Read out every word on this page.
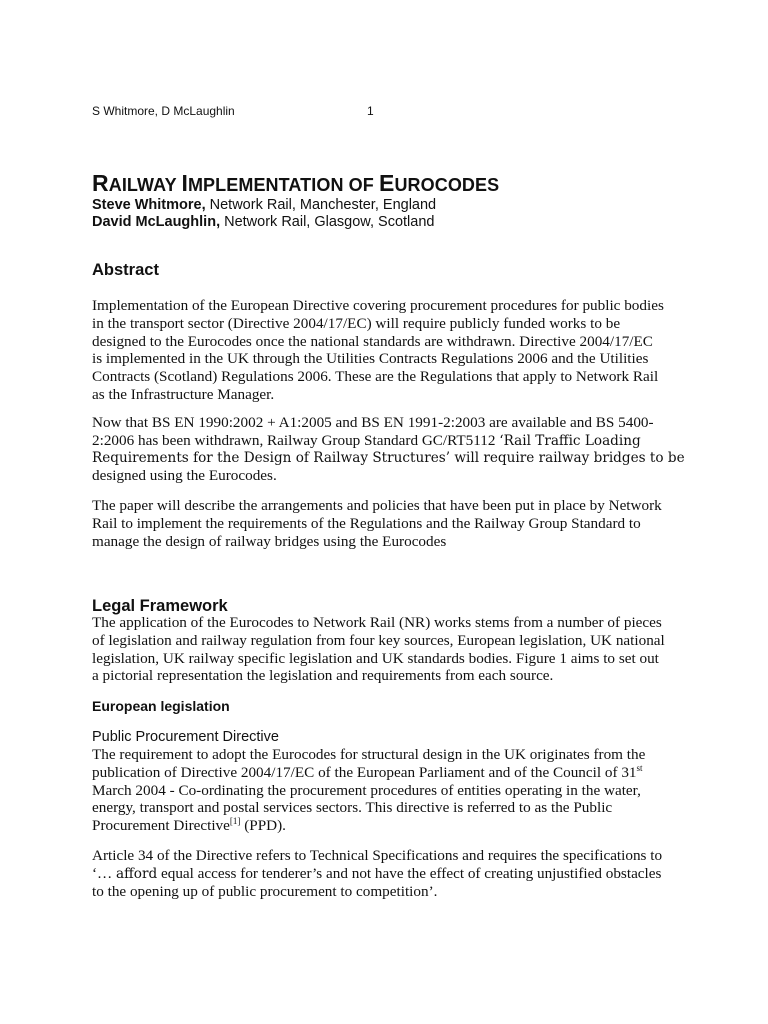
S Whitmore, D McLaughlin	1
RAILWAY IMPLEMENTATION OF EUROCODES
Steve Whitmore, Network Rail, Manchester, England
David McLaughlin, Network Rail, Glasgow, Scotland
Abstract
Implementation of the European Directive covering procurement procedures for public bodies
in the transport sector (Directive 2004/17/EC) will require publicly funded works to be
designed to the Eurocodes once the national standards are withdrawn. Directive 2004/17/EC
is implemented in the UK through the Utilities Contracts Regulations 2006 and the Utilities
Contracts (Scotland) Regulations 2006. These are the Regulations that apply to Network Rail
as the Infrastructure Manager.
Now that BS EN 1990:2002 + A1:2005 and BS EN 1991-2:2003 are available and BS 5400-
2:2006 has been withdrawn, Railway Group Standard GC/RT5112 ‘Rail Traffic Loading
Requirements for the Design of Railway Structures’ will require railway bridges to be
designed using the Eurocodes.
The paper will describe the arrangements and policies that have been put in place by Network
Rail to implement the requirements of the Regulations and the Railway Group Standard to
manage the design of railway bridges using the Eurocodes
Legal Framework
The application of the Eurocodes to Network Rail (NR) works stems from a number of pieces
of legislation and railway regulation from four key sources, European legislation, UK national
legislation, UK railway specific legislation and UK standards bodies. Figure 1 aims to set out
a pictorial representation the legislation and requirements from each source.
European legislation
Public Procurement Directive
The requirement to adopt the Eurocodes for structural design in the UK originates from the
publication of Directive 2004/17/EC of the European Parliament and of the Council of 31st
March 2004 - Co-ordinating the procurement procedures of entities operating in the water,
energy, transport and postal services sectors. This directive is referred to as the Public
Procurement Directive[1] (PPD).
Article 34 of the Directive refers to Technical Specifications and requires the specifications to
‘… afford equal access for tenderer’s and not have the effect of creating unjustified obstacles
to the opening up of public procurement to competition’.
